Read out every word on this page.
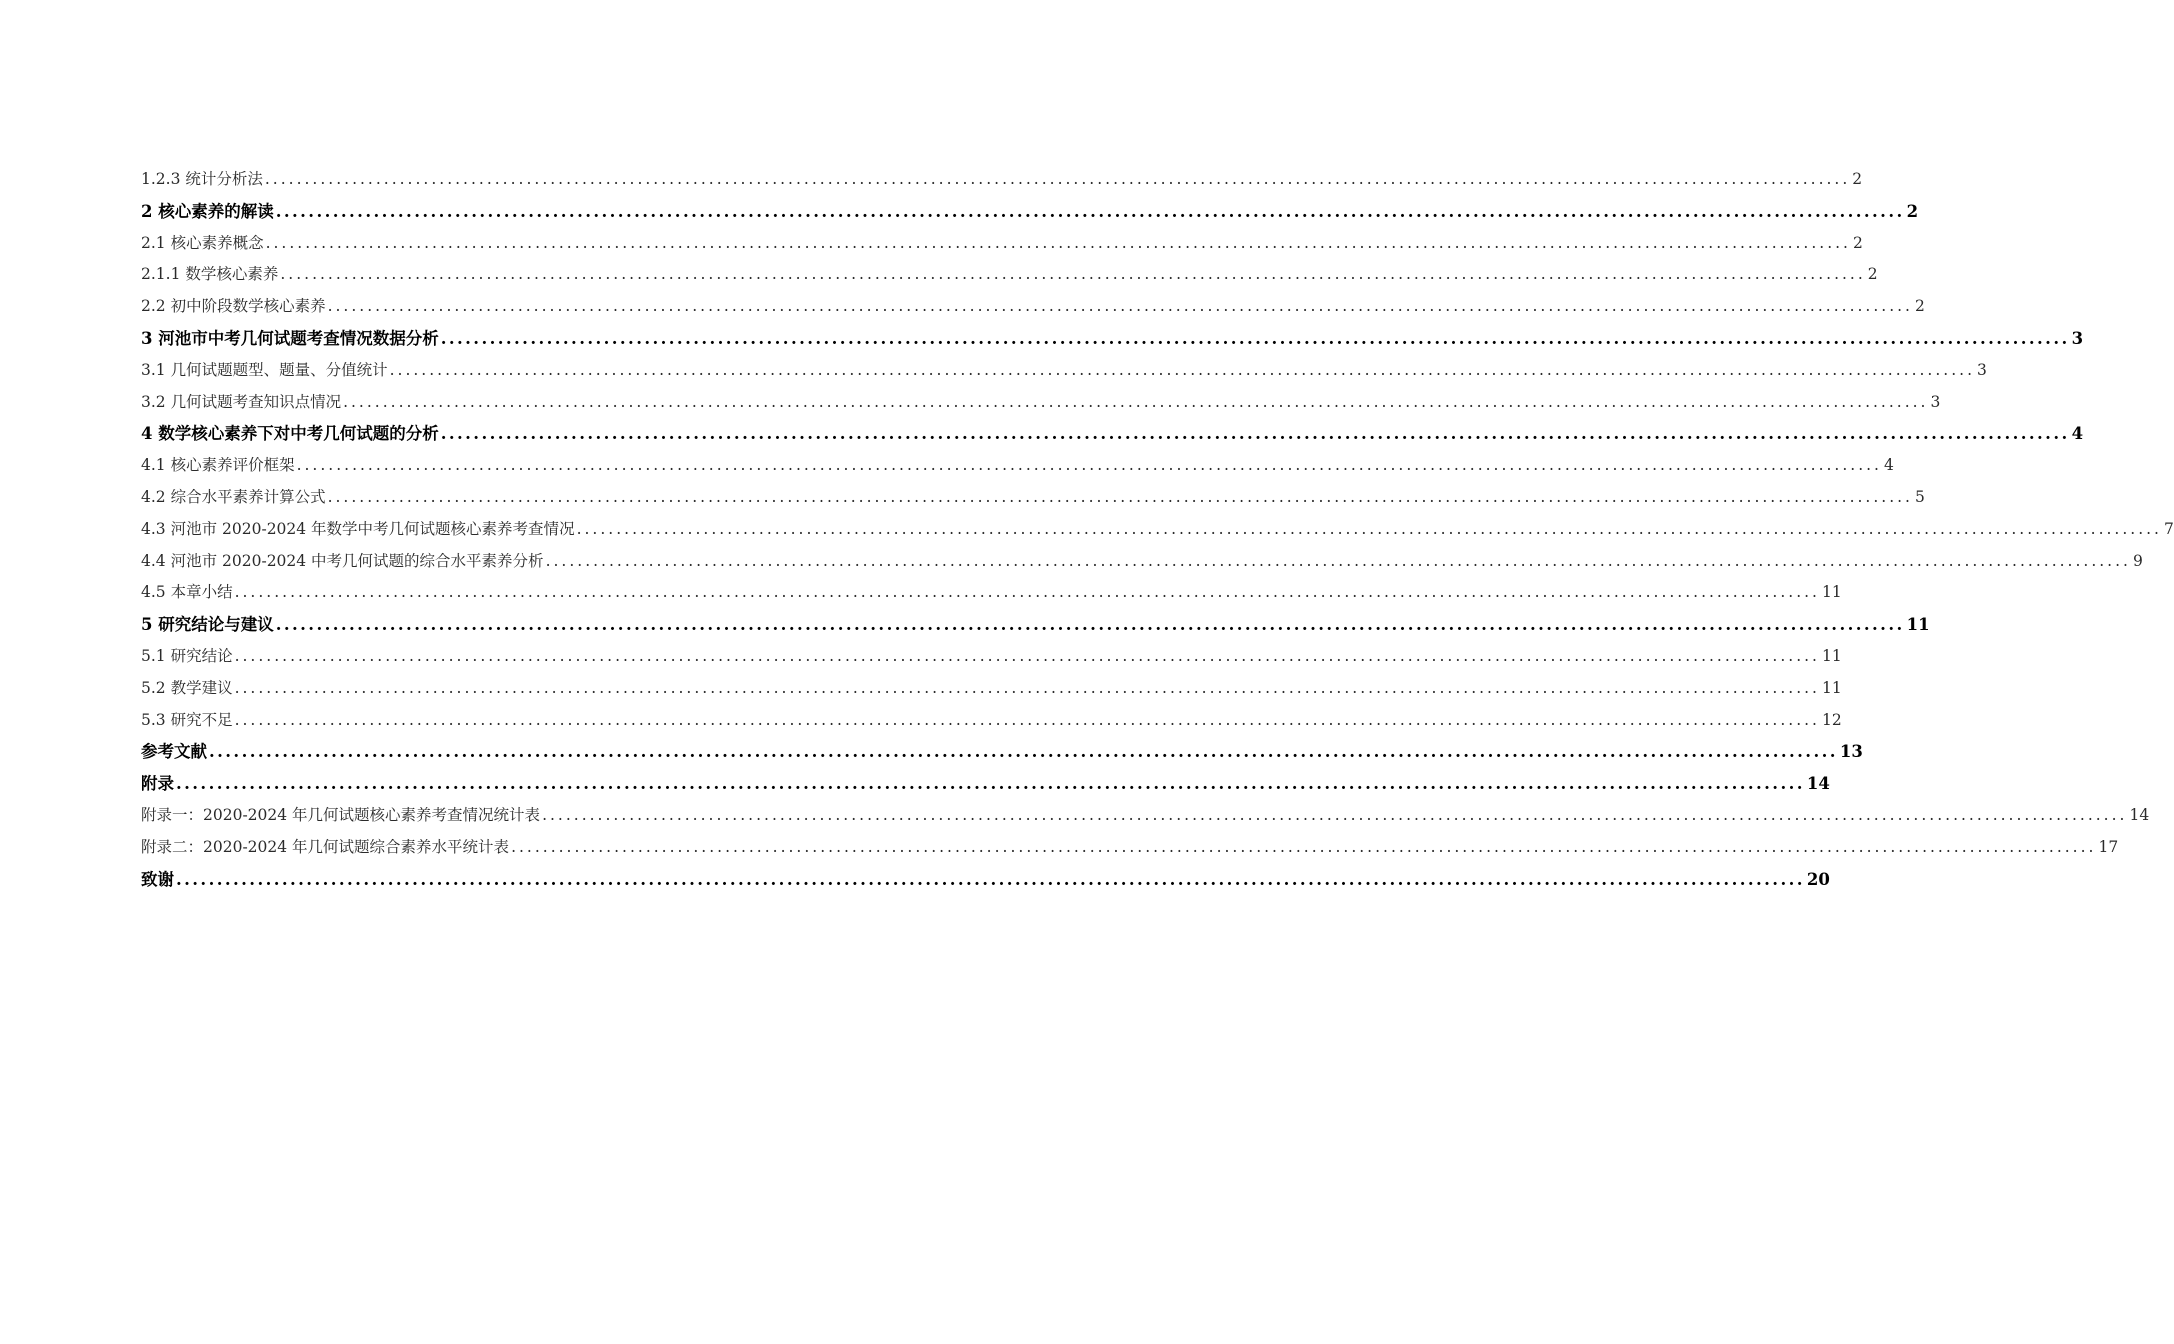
1.2.3 统计分析法 ........................................................................................................................................................................................................ 2
2 核心素养的解读 ........................................................................................................................................................................................................ 2
2.1 核心素养概念 ........................................................................................................................................................................................................ 2
2.1.1 数学核心素养 ........................................................................................................................................................................................................ 2
2.2 初中阶段数学核心素养 ........................................................................................................................................................................................................ 2
3 河池市中考几何试题考查情况数据分析 ........................................................................................................................................................................................................ 3
3.1 几何试题题型、题量、分值统计 ........................................................................................................................................................................................................ 3
3.2 几何试题考查知识点情况 ........................................................................................................................................................................................................ 3
4 数学核心素养下对中考几何试题的分析 ........................................................................................................................................................................................................ 4
4.1 核心素养评价框架 ........................................................................................................................................................................................................ 4
4.2 综合水平素养计算公式 ........................................................................................................................................................................................................ 5
4.3 河池市 2020-2024 年数学中考几何试题核心素养考查情况 ........................................................................................................................................................................................................ 7
4.4 河池市 2020-2024 中考几何试题的综合水平素养分析 ........................................................................................................................................................................................................ 9
4.5 本章小结 ........................................................................................................................................................................................................ 11
5 研究结论与建议 ........................................................................................................................................................................................................ 11
5.1 研究结论 ........................................................................................................................................................................................................ 11
5.2 教学建议 ........................................................................................................................................................................................................ 11
5.3 研究不足 ........................................................................................................................................................................................................ 12
参考文献 ........................................................................................................................................................................................................ 13
附录 ........................................................................................................................................................................................................ 14
附录一：2020-2024 年几何试题核心素养考查情况统计表 ........................................................................................................................................................................................................ 14
附录二：2020-2024 年几何试题综合素养水平统计表 ........................................................................................................................................................................................................ 17
致谢 ........................................................................................................................................................................................................ 20
